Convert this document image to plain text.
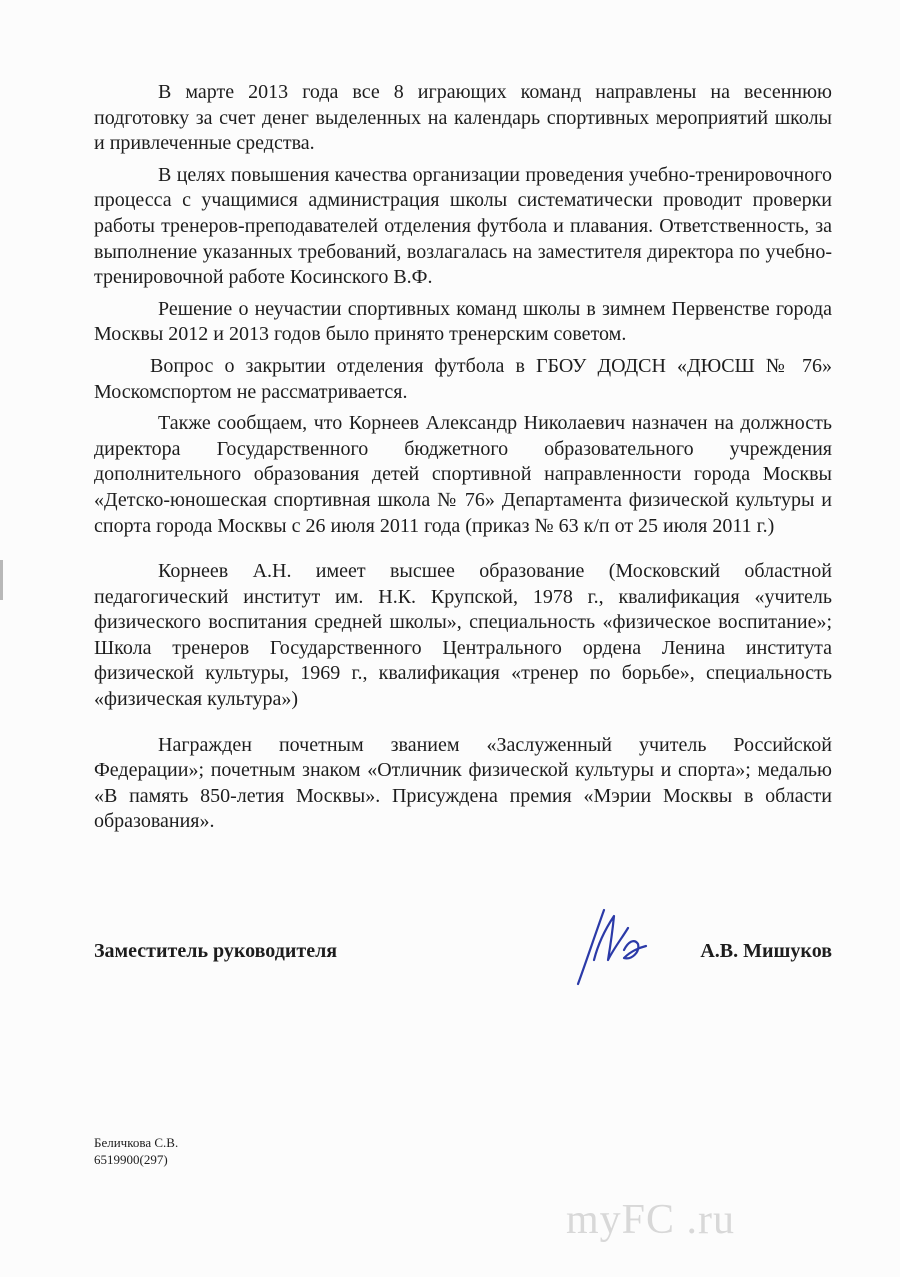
В марте 2013 года все 8 играющих команд направлены на весеннюю подготовку за счет денег выделенных на календарь спортивных мероприятий школы и привлеченные средства.

В целях повышения качества организации проведения учебно-тренировочного процесса с учащимися администрация школы систематически проводит проверки работы тренеров-преподавателей отделения футбола и плавания. Ответственность, за выполнение указанных требований, возлагалась на заместителя директора по учебно-тренировочной работе Косинского В.Ф.

Решение о неучастии спортивных команд школы в зимнем Первенстве города Москвы 2012 и 2013 годов было принято тренерским советом.

Вопрос о закрытии отделения футбола в ГБОУ ДОДСН «ДЮСШ № 76» Москомспортом не рассматривается.

Также сообщаем, что Корнеев Александр Николаевич назначен на должность директора Государственного бюджетного образовательного учреждения дополнительного образования детей спортивной направленности города Москвы «Детско-юношеская спортивная школа № 76» Департамента физической культуры и спорта города Москвы с 26 июля 2011 года (приказ № 63 к/п от 25 июля 2011 г.)

Корнеев А.Н. имеет высшее образование (Московский областной педагогический институт им. Н.К. Крупской, 1978 г., квалификация «учитель физического воспитания средней школы», специальность «физическое воспитание»; Школа тренеров Государственного Центрального ордена Ленина института физической культуры, 1969 г., квалификация «тренер по борьбе», специальность «физическая культура»)

Награжден почетным званием «Заслуженный учитель Российской Федерации»; почетным знаком «Отличник физической культуры и спорта»; медалью «В память 850-летия Москвы». Присуждена премия «Мэрии Москвы в области образования».

Заместитель руководителя	А.В. Мишуков
Беличкова С.В.
6519900(297)
myFC .ru
